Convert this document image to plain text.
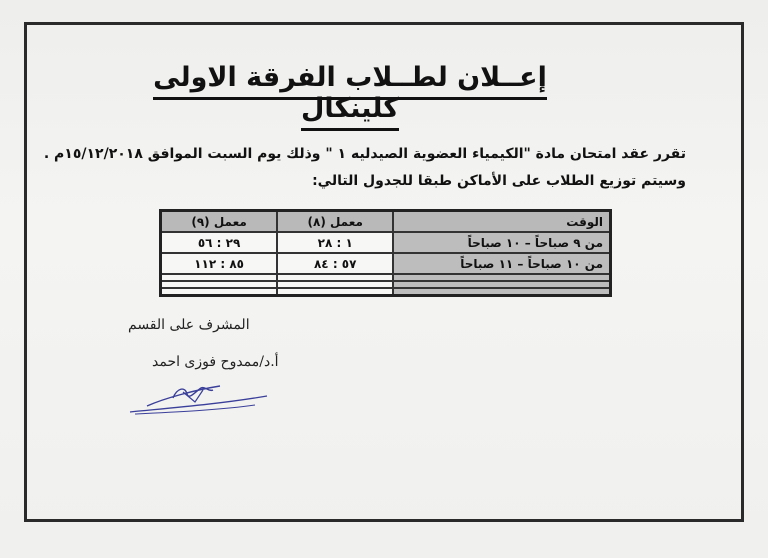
إعــلان لطــلاب الفرقة الاولى كلينكال
تقرر عقد امتحان مادة "الكيمياء العضوية الصيدليه ١ " وذلك يوم السبت الموافق ١٥/١٢/٢٠١٨م .
وسيتم توزيع الطلاب على الأماكن طبقا للجدول التالي:
الوقت	معمل (٨)	معمل (٩)
من ٩ صباحاً – ١٠ صباحاً	١ : ٢٨	٢٩ : ٥٦
من ١٠ صباحاً – ١١ صباحاً	٥٧ : ٨٤	٨٥ : ١١٢

المشرف على القسم
أ.د/ممدوح فوزى احمد
